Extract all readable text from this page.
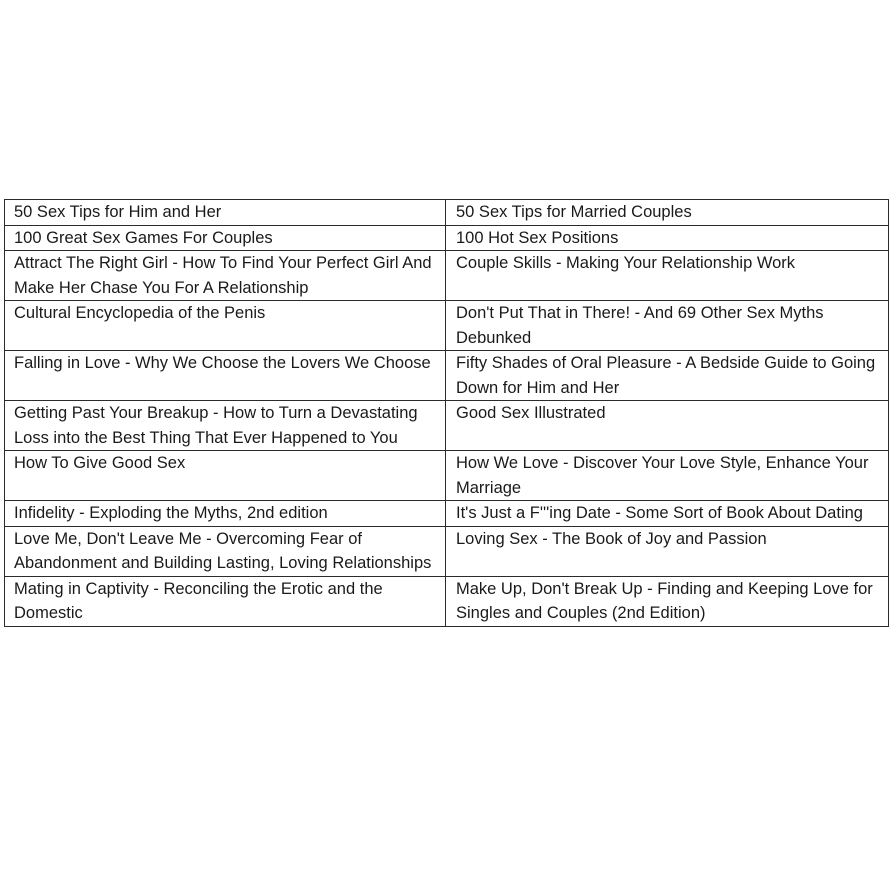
50 Sex Tips for Him and Her	50 Sex Tips for Married Couples
100 Great Sex Games For Couples	100 Hot Sex Positions
Attract The Right Girl - How To Find Your Perfect Girl And Make Her Chase You For A Relationship	Couple Skills - Making Your Relationship Work
Cultural Encyclopedia of the Penis	Don't Put That in There! - And 69 Other Sex Myths Debunked
Falling in Love - Why We Choose the Lovers We Choose	Fifty Shades of Oral Pleasure - A Bedside Guide to Going Down for Him and Her
Getting Past Your Breakup - How to Turn a Devastating Loss into the Best Thing That Ever Happened to You	Good Sex Illustrated
How To Give Good Sex	How We Love - Discover Your Love Style, Enhance Your Marriage
Infidelity - Exploding the Myths, 2nd edition	It's Just a F'''ing Date - Some Sort of Book About Dating
Love Me, Don't Leave Me - Overcoming Fear of Abandonment and Building Lasting, Loving Relationships	Loving Sex - The Book of Joy and Passion
Mating in Captivity - Reconciling the Erotic and the Domestic	Make Up, Don't Break Up - Finding and Keeping Love for Singles and Couples (2nd Edition)
